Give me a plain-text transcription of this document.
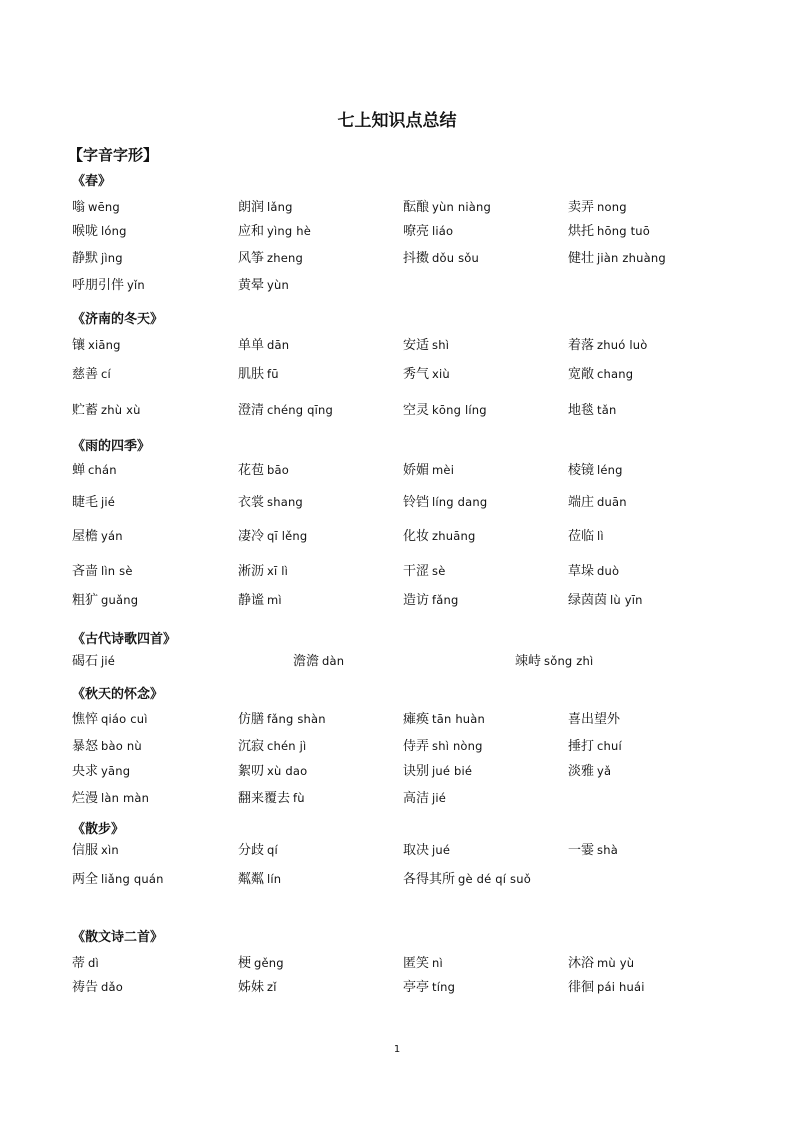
七上知识点总结
【字音字形】
《春》
嗡 wēng	朗润 lǎng	酝酿 yùn niàng	卖弄 nong
喉咙 lóng	应和 yìng hè	嘹亮 liáo	烘托 hōng tuō
静默 jìng	风筝 zheng	抖擞 dǒu sǒu	健壮 jiàn zhuàng
呼朋引伴 yǐn	黄晕 yùn
《济南的冬天》
镶 xiāng	单单 dān	安适 shì	着落 zhuó luò
慈善 cí	肌肤 fū	秀气 xiù	宽敞 chang
贮蓄 zhù xù	澄清 chéng qīng	空灵 kōng líng	地毯 tǎn
《雨的四季》
蝉 chán	花苞 bāo	娇媚 mèi	棱镜 léng
睫毛 jié	衣裳 shang	铃铛 líng dang	端庄 duān
屋檐 yán	凄冷 qī lěng	化妆 zhuāng	莅临 lì
吝啬 lìn sè	淅沥 xī lì	干涩 sè	草垛 duò
粗犷 guǎng	静谧 mì	造访 fǎng	绿茵茵 lù yīn
《古代诗歌四首》
碣石 jié	澹澹 dàn	竦峙 sǒng zhì
《秋天的怀念》
憔悴 qiáo cuì	仿膳 fǎng shàn	瘫痪 tān huàn	喜出望外
暴怒 bào nù	沉寂 chén jì	侍弄 shì nòng	捶打 chuí
央求 yāng	絮叨 xù dao	诀别 jué bié	淡雅 yǎ
烂漫 làn màn	翻来覆去 fù	高洁 jié
《散步》
信服 xìn	分歧 qí	取决 jué	一霎 shà
两全 liǎng quán	粼粼 lín	各得其所 gè dé qí suǒ
《散文诗二首》
蒂 dì	梗 gěng	匿笑 nì	沐浴 mù yù
祷告 dǎo	姊妹 zǐ	亭亭 tíng	徘徊 pái huái
1
